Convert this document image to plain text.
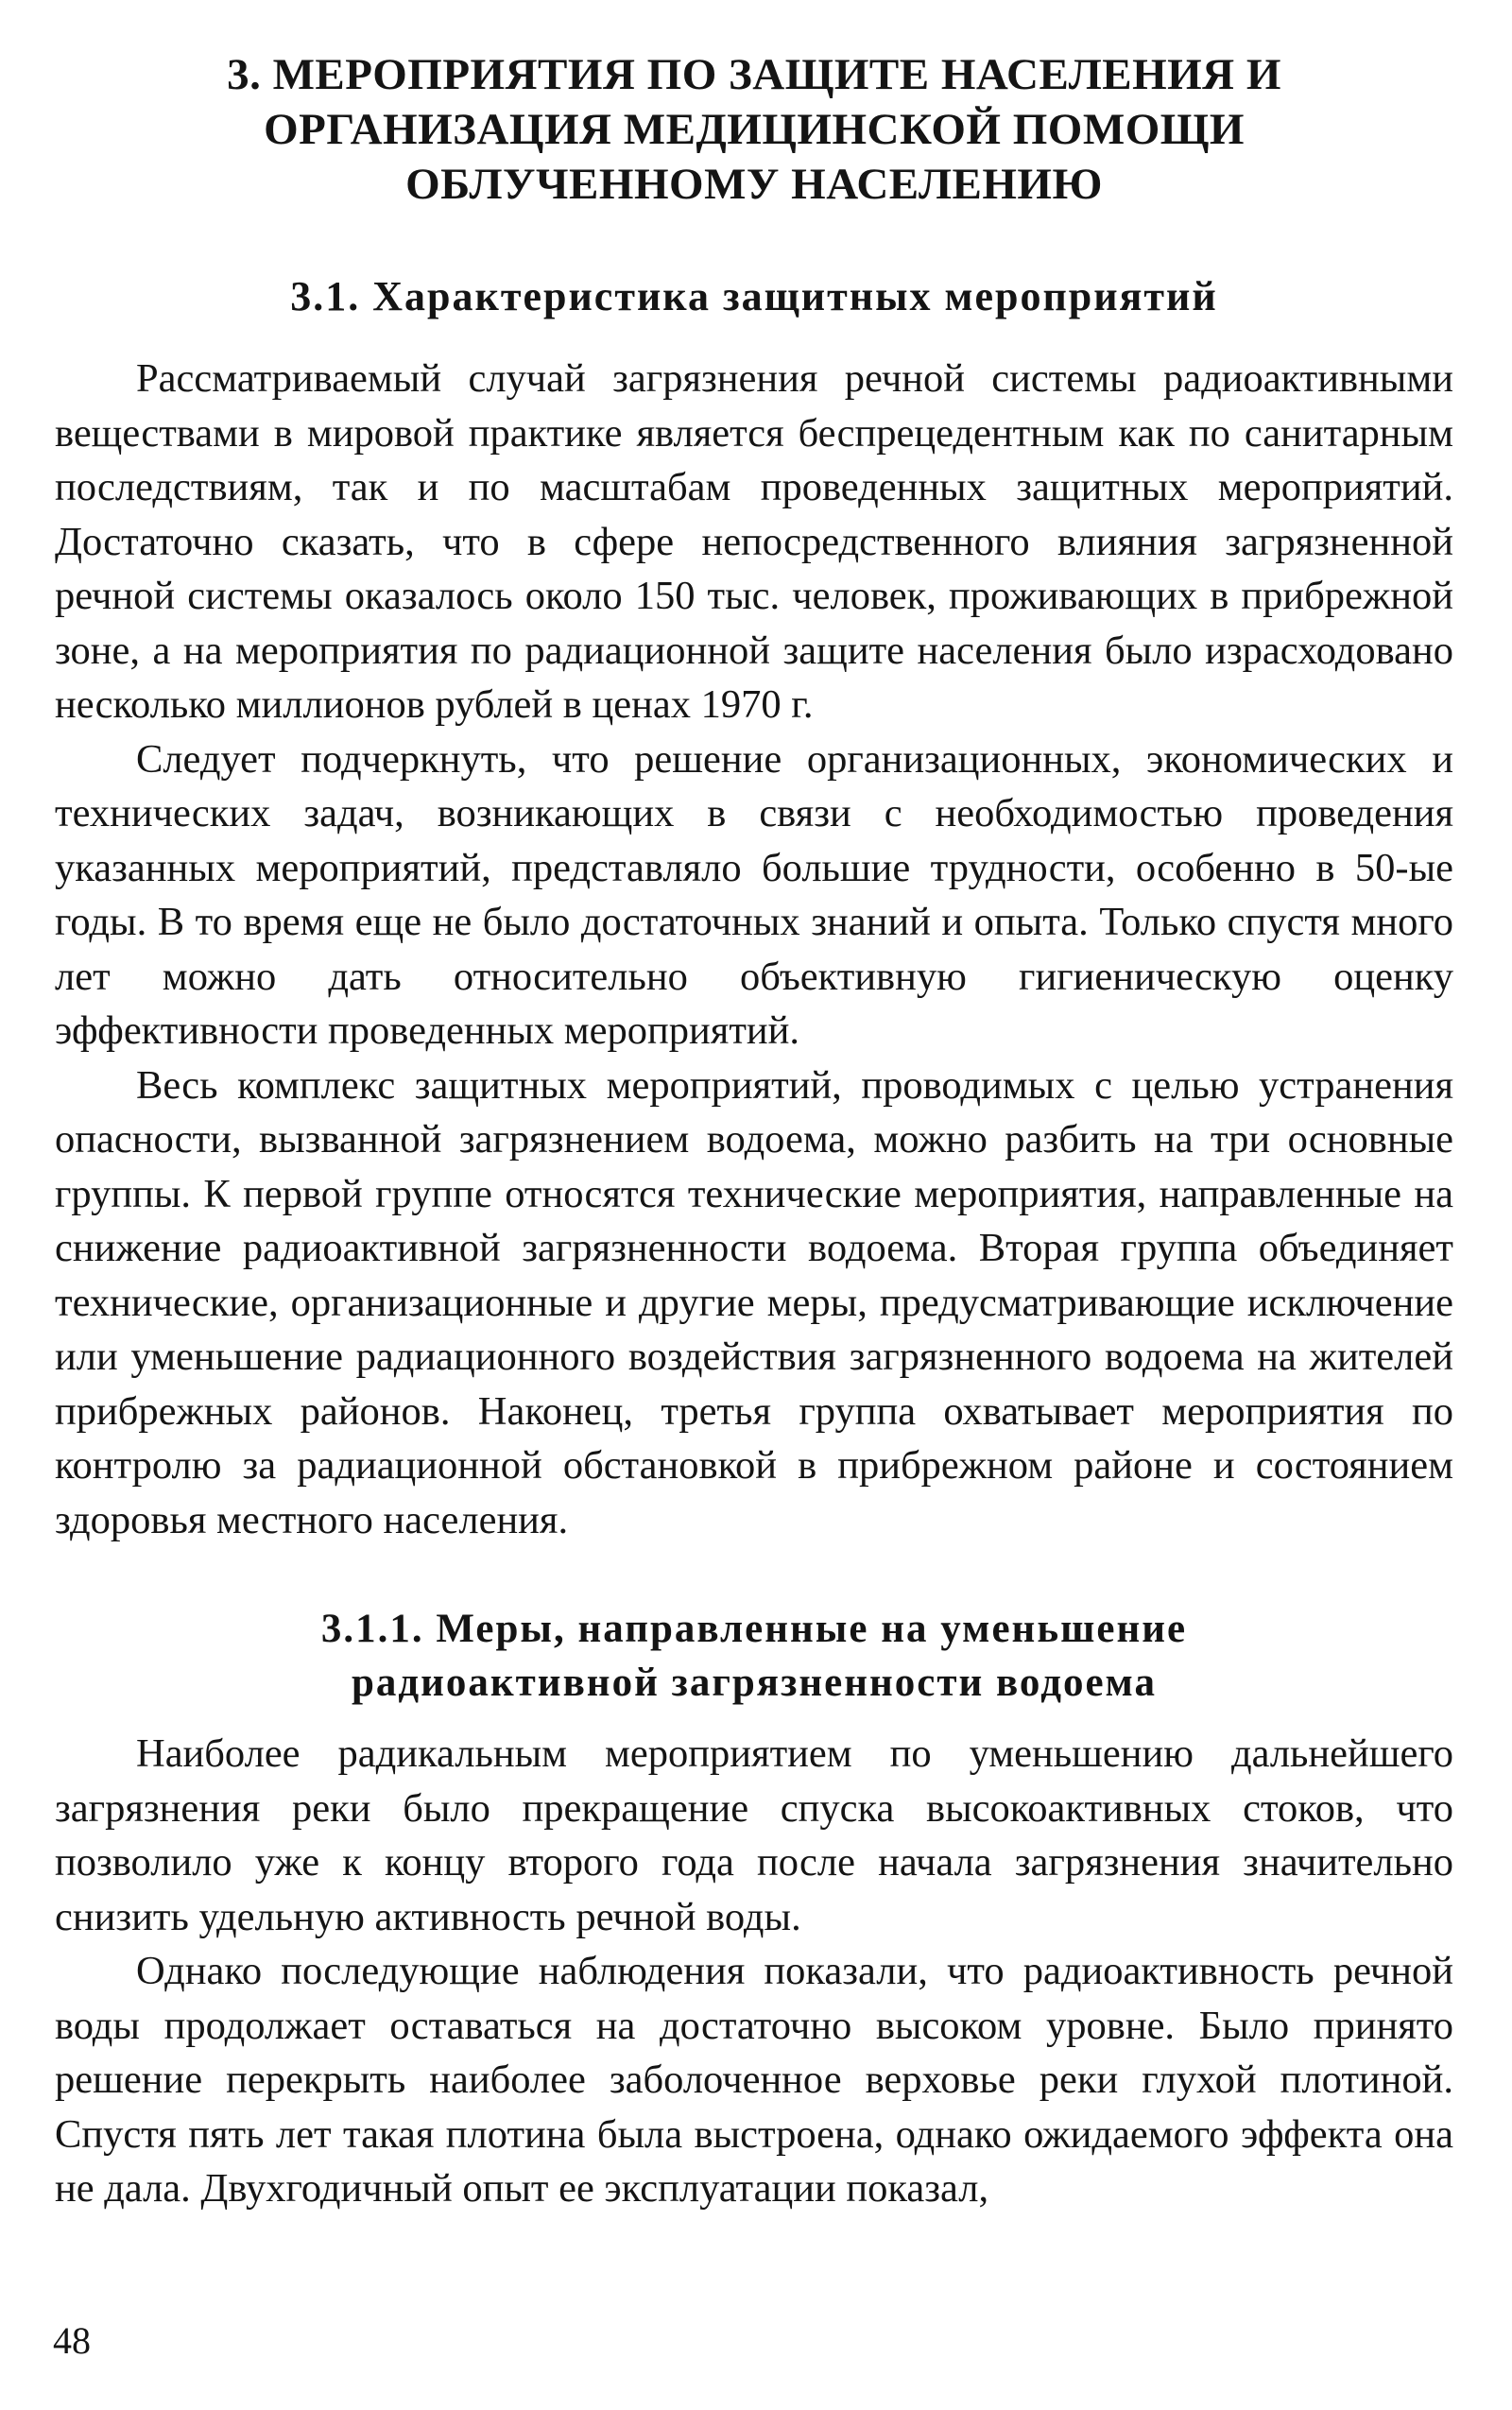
3. МЕРОПРИЯТИЯ ПО ЗАЩИТЕ НАСЕЛЕНИЯ И
ОРГАНИЗАЦИЯ МЕДИЦИНСКОЙ ПОМОЩИ
ОБЛУЧЕННОМУ НАСЕЛЕНИЮ
3.1. Характеристика защитных мероприятий

Рассматриваемый случай загрязнения речной системы радиоактивными веществами в мировой практике является беспрецедентным как по санитарным последствиям, так и по масштабам проведенных защитных мероприятий. Достаточно сказать, что в сфере непосредственного влияния загрязненной речной системы оказалось около 150 тыс. человек, проживающих в прибрежной зоне, а на мероприятия по радиационной защите населения было израсходовано несколько миллионов рублей в ценах 1970 г.

Следует подчеркнуть, что решение организационных, экономических и технических задач, возникающих в связи с необходимостью проведения указанных мероприятий, представляло большие трудности, особенно в 50-ые годы. В то время еще не было достаточных знаний и опыта. Только спустя много лет можно дать относительно объективную гигиеническую оценку эффективности проведенных мероприятий.

Весь комплекс защитных мероприятий, проводимых с целью устранения опасности, вызванной загрязнением водоема, можно разбить на три основные группы. К первой группе относятся технические мероприятия, направленные на снижение радиоактивной загрязненности водоема. Вторая группа объединяет технические, организационные и другие меры, предусматривающие исключение или уменьшение радиационного воздействия загрязненного водоема на жителей прибрежных районов. Наконец, третья группа охватывает мероприятия по контролю за радиационной обстановкой в прибрежном районе и состоянием здоровья местного населения.

3.1.1. Меры, направленные на уменьшение
радиоактивной загрязненности водоема

Наиболее радикальным мероприятием по уменьшению дальнейшего загрязнения реки было прекращение спуска высокоактивных стоков, что позволило уже к концу второго года после начала загрязнения значительно снизить удельную активность речной воды.

Однако последующие наблюдения показали, что радиоактивность речной воды продолжает оставаться на достаточно высоком уровне. Было принято решение перекрыть наиболее заболоченное верховье реки глухой плотиной. Спустя пять лет такая плотина была выстроена, однако ожидаемого эффекта она не дала. Двухгодичный опыт ее эксплуатации показал,

48
